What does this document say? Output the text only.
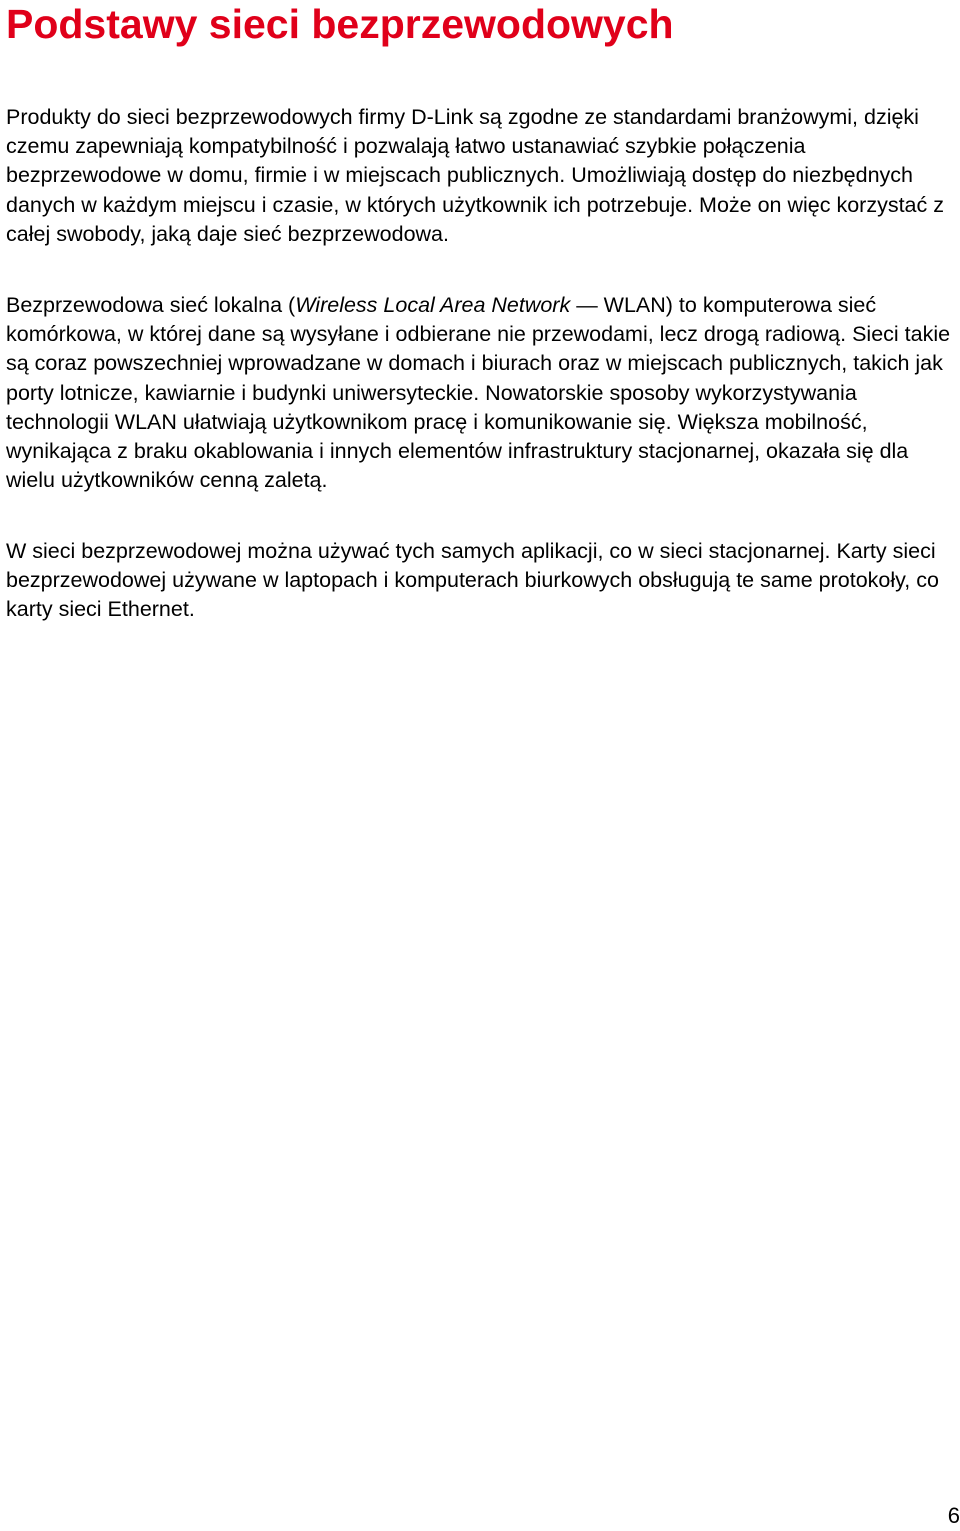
Podstawy sieci bezprzewodowych

Produkty do sieci bezprzewodowych firmy D-Link są zgodne ze standardami branżowymi, dzięki czemu zapewniają kompatybilność i pozwalają łatwo ustanawiać szybkie połączenia bezprzewodowe w domu, firmie i w miejscach publicznych. Umożliwiają dostęp do niezbędnych danych w każdym miejscu i czasie, w których użytkownik ich potrzebuje. Może on więc korzystać z całej swobody, jaką daje sieć bezprzewodowa.

Bezprzewodowa sieć lokalna (Wireless Local Area Network — WLAN) to komputerowa sieć komórkowa, w której dane są wysyłane i odbierane nie przewodami, lecz drogą radiową. Sieci takie są coraz powszechniej wprowadzane w domach i biurach oraz w miejscach publicznych, takich jak porty lotnicze, kawiarnie i budynki uniwersyteckie. Nowatorskie sposoby wykorzystywania technologii WLAN ułatwiają użytkownikom pracę i komunikowanie się. Większa mobilność, wynikająca z braku okablowania i innych elementów infrastruktury stacjonarnej, okazała się dla wielu użytkowników cenną zaletą.

W sieci bezprzewodowej można używać tych samych aplikacji, co w sieci stacjonarnej. Karty sieci bezprzewodowej używane w laptopach i komputerach biurkowych obsługują te same protokoły, co karty sieci Ethernet.

6
